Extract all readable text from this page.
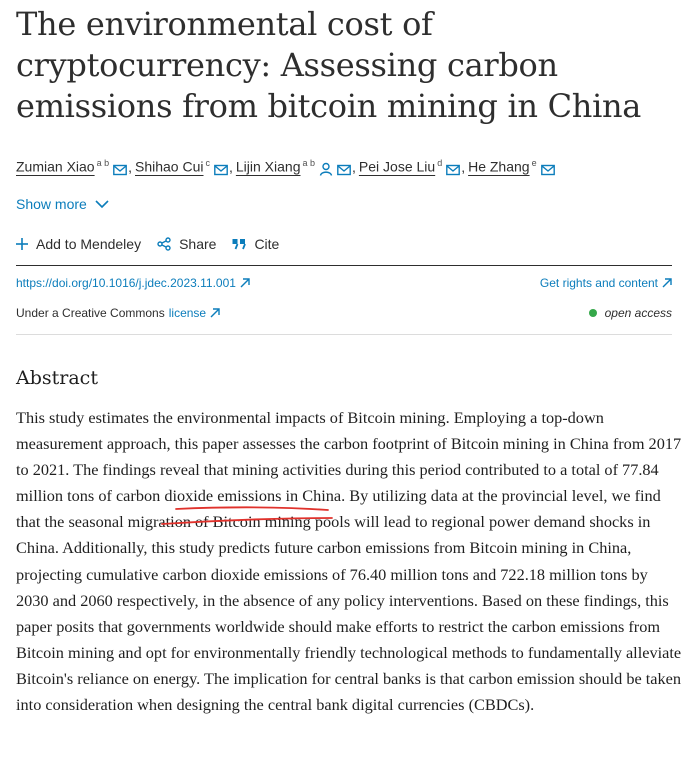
The environmental cost of cryptocurrency: Assessing carbon emissions from bitcoin mining in China
Zumian Xiao $^{a b}$ , Shihao Cui $^c$ , Lijin Xiang $^{a b}$	, Pei Jose Liu $^d$ , He Zhang $^e$
Show more
Add to Mendeley	Share	Cite
https://doi.org/10.1016/j.jdec.2023.11.001	Get rights and content
Under a Creative Commons license	open access
Abstract

This study estimates the environmental impacts of Bitcoin mining. Employing a top-down measurement approach, this paper assesses the carbon footprint of Bitcoin mining in China from 2017 to 2021. The findings reveal that mining activities during this period contributed to a total of 77.84 million tons of carbon dioxide emissions in China. By utilizing data at the provincial level, we find that the seasonal migration of Bitcoin mining pools will lead to regional power demand shocks in China. Additionally, this study predicts future carbon emissions from Bitcoin mining in China, projecting cumulative carbon dioxide emissions of 76.40 million tons and 722.18 million tons by 2030 and 2060 respectively, in the absence of any policy interventions. Based on these findings, this paper posits that governments worldwide should make efforts to restrict the carbon emissions from Bitcoin mining and opt for environmentally friendly technological methods to fundamentally alleviate Bitcoin's reliance on energy. The implication for central banks is that carbon emission should be taken into consideration when designing the central bank digital currencies (CBDCs).
